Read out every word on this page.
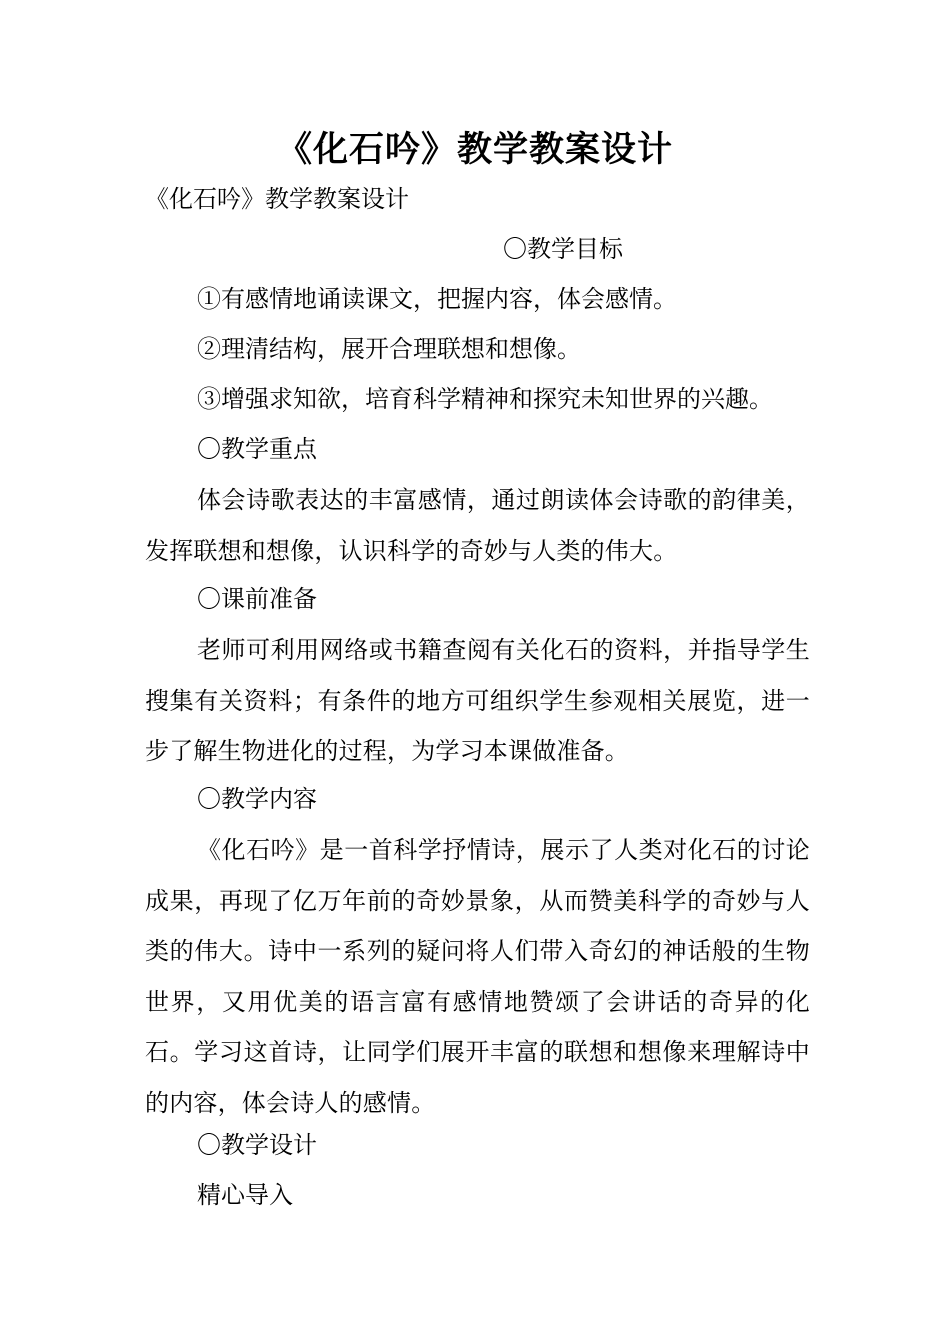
《化石吟》教学教案设计
《化石吟》教学教案设计
〇教学目标
①有感情地诵读课文，把握内容，体会感情。
②理清结构，展开合理联想和想像。
③增强求知欲，培育科学精神和探究未知世界的兴趣。
〇教学重点
体会诗歌表达的丰富感情，通过朗读体会诗歌的韵律美，发挥联想和想像，认识科学的奇妙与人类的伟大。
〇课前准备
老师可利用网络或书籍查阅有关化石的资料，并指导学生搜集有关资料；有条件的地方可组织学生参观相关展览，进一步了解生物进化的过程，为学习本课做准备。
〇教学内容
《化石吟》是一首科学抒情诗，展示了人类对化石的讨论成果，再现了亿万年前的奇妙景象，从而赞美科学的奇妙与人类的伟大。诗中一系列的疑问将人们带入奇幻的神话般的生物世界，又用优美的语言富有感情地赞颂了会讲话的奇异的化石。学习这首诗，让同学们展开丰富的联想和想像来理解诗中的内容，体会诗人的感情。
〇教学设计
精心导入
